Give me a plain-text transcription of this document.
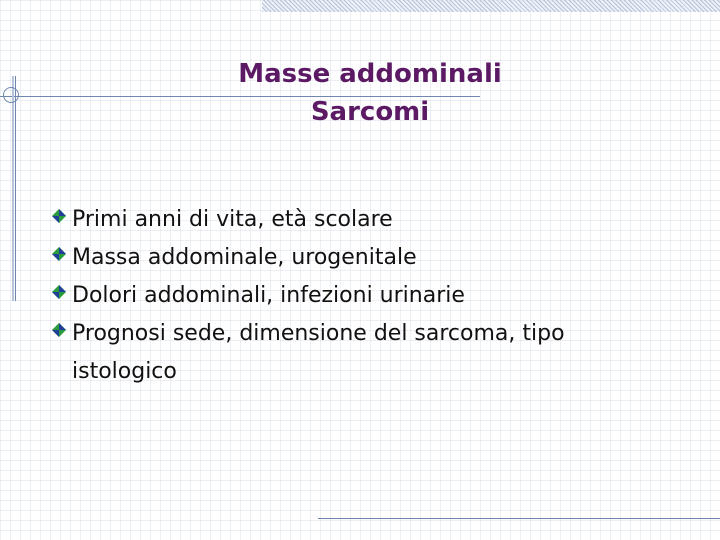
Masse addominali
Sarcomi
Primi anni di vita, età scolare
Massa addominale, urogenitale
Dolori addominali, infezioni urinarie
Prognosi sede, dimensione del sarcoma, tipo istologico
